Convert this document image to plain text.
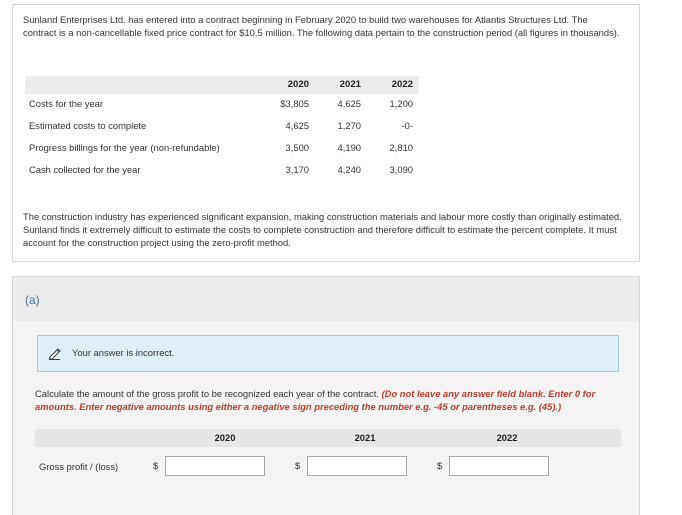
Sunland Enterprises Ltd. has entered into a contract beginning in February 2020 to build two warehouses for Atlantis Structures Ltd. The contract is a non-cancellable fixed price contract for $10.5 million. The following data pertain to the construction period (all figures in thousands).

2020	2021	2022
Costs for the year	$3,805	4,625	1,200
Estimated costs to complete	4,625	1,270	-0-
Progress billings for the year (non-refundable)	3,500	4,190	2,810
Cash collected for the year	3,170	4,240	3,090

The construction industry has experienced significant expansion, making construction materials and labour more costly than originally estimated. Sunland finds it extremely difficult to estimate the costs to complete construction and therefore difficult to estimate the percent complete. It must account for the construction project using the zero-profit method.

(a)
Your answer is incorrect.

Calculate the amount of the gross profit to be recognized each year of the contract. (Do not leave any answer field blank. Enter 0 for amounts. Enter negative amounts using either a negative sign preceding the number e.g. -45 or parentheses e.g. (45).)

2020	2021	2022
Gross profit / (loss)	$	$	$
